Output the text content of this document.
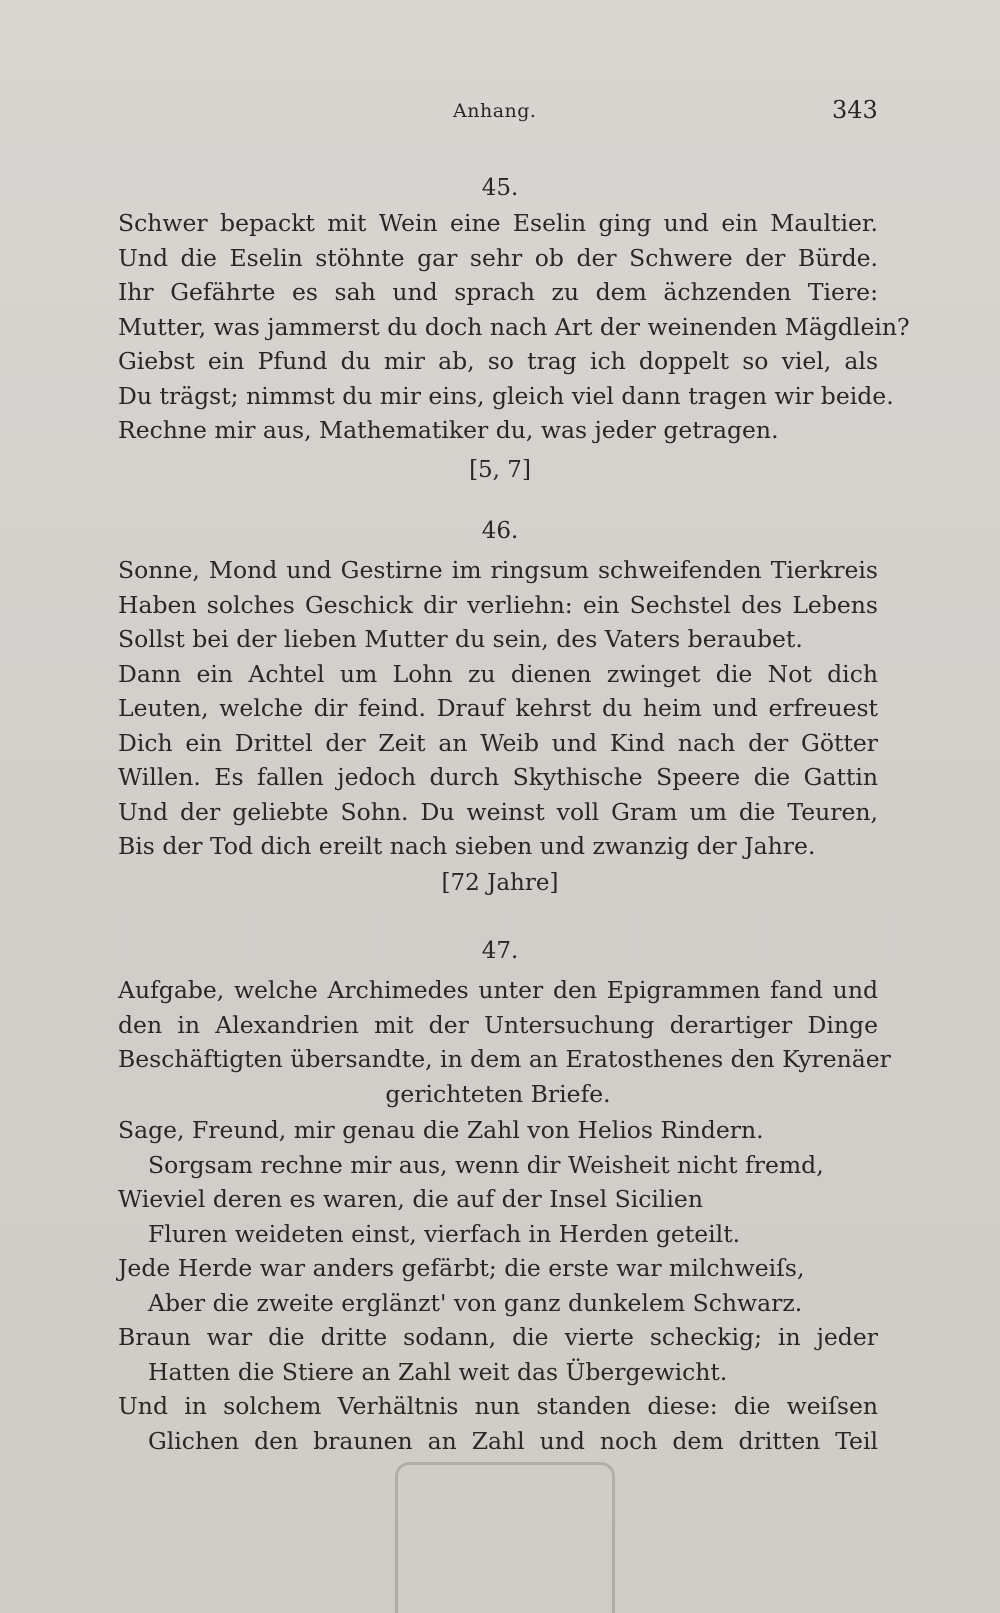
Anhang.	343
45.
Schwer bepackt mit Wein eine Eselin ging und ein Maultier.
Und die Eselin stöhnte gar sehr ob der Schwere der Bürde.
Ihr Gefährte es sah und sprach zu dem ächzenden Tiere:
Mutter, was jammerst du doch nach Art der weinenden Mägdlein?
Giebst ein Pfund du mir ab, so trag ich doppelt so viel, als
Du trägst; nimmst du mir eins, gleich viel dann tragen wir beide.
Rechne mir aus, Mathematiker du, was jeder getragen.
[5, 7]
46.
Sonne, Mond und Gestirne im ringsum schweifenden Tierkreis
Haben solches Geschick dir verliehn: ein Sechstel des Lebens
Sollst bei der lieben Mutter du sein, des Vaters beraubet.
Dann ein Achtel um Lohn zu dienen zwinget die Not dich
Leuten, welche dir feind. Drauf kehrst du heim und erfreuest
Dich ein Drittel der Zeit an Weib und Kind nach der Götter
Willen. Es fallen jedoch durch Skythische Speere die Gattin
Und der geliebte Sohn. Du weinst voll Gram um die Teuren,
Bis der Tod dich ereilt nach sieben und zwanzig der Jahre.
[72 Jahre]
47.
Aufgabe, welche Archimedes unter den Epigrammen fand und
den in Alexandrien mit der Untersuchung derartiger Dinge
Beschäftigten übersandte, in dem an Eratosthenes den Kyrenäer
gerichteten Briefe.
Sage, Freund, mir genau die Zahl von Helios Rindern.
Sorgsam rechne mir aus, wenn dir Weisheit nicht fremd,
Wieviel deren es waren, die auf der Insel Sicilien
Fluren weideten einst, vierfach in Herden geteilt.
Jede Herde war anders gefärbt; die erste war milchweiſs,
Aber die zweite erglänzt' von ganz dunkelem Schwarz.
Braun war die dritte sodann, die vierte scheckig; in jeder
Hatten die Stiere an Zahl weit das Übergewicht.
Und in solchem Verhältnis nun standen diese: die weiſsen
Glichen den braunen an Zahl und noch dem dritten Teil
